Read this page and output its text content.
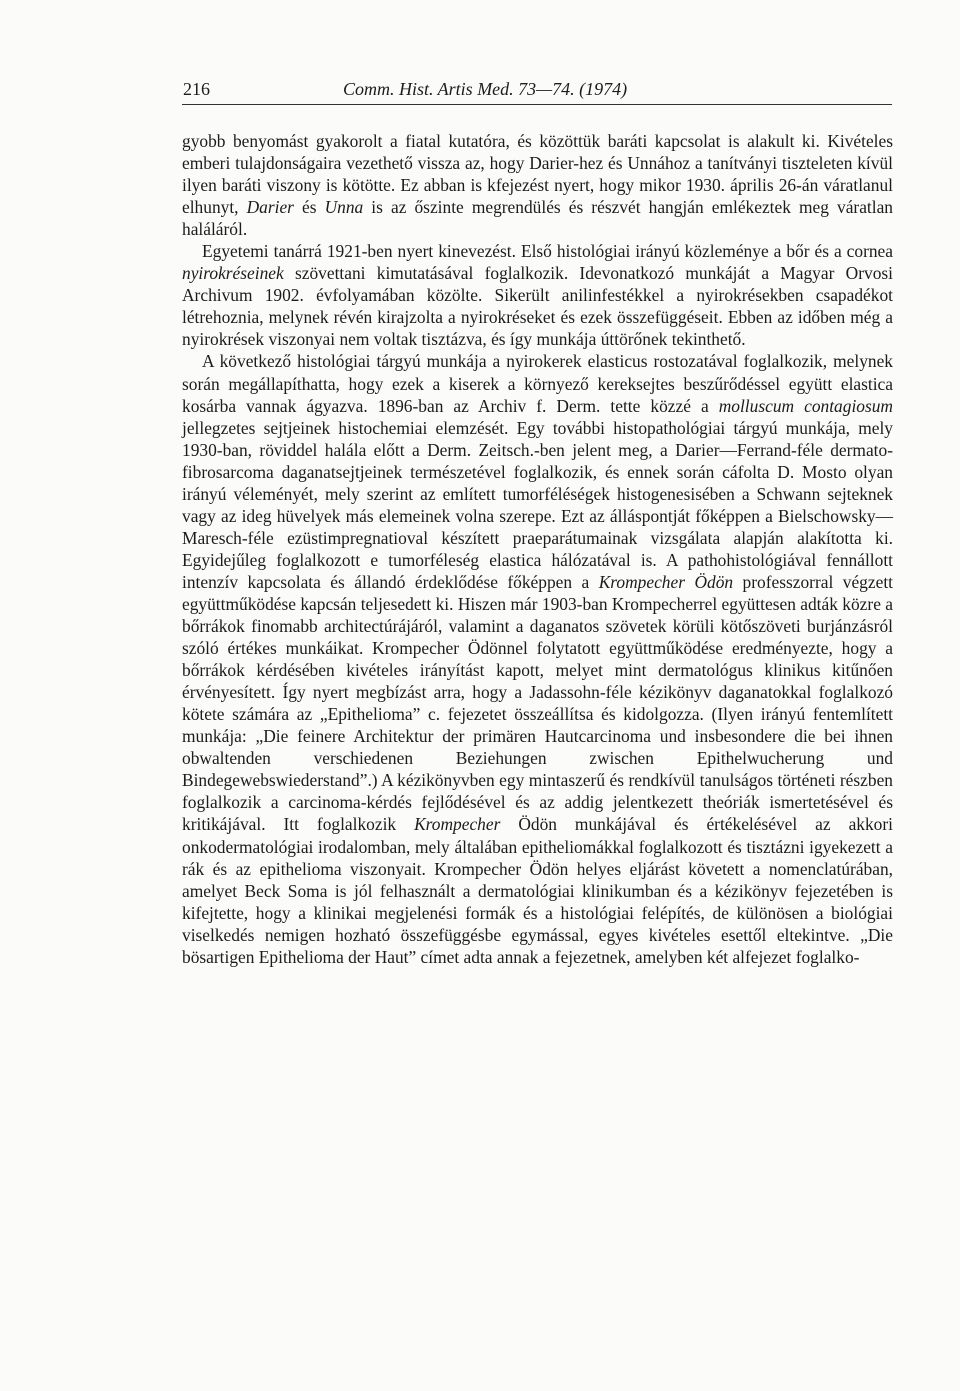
216	Comm. Hist. Artis Med. 73—74. (1974)

gyobb benyomást gyakorolt a fiatal kutatóra, és közöttük baráti kapcsolat is alakult ki. Kivételes emberi tulajdonságaira vezethető vissza az, hogy Darier-hez és Unnához a tanítványi tiszteleten kívül ilyen baráti viszony is kötötte. Ez abban is kfejezést nyert, hogy mikor 1930. április 26-án váratlanul elhunyt, Darier és Unna is az őszinte megrendülés és részvét hangján emlékeztek meg váratlan haláláról.

Egyetemi tanárrá 1921-ben nyert kinevezést. Első histológiai irányú közleménye a bőr és a cornea nyirokréseinek szövettani kimutatásával foglalkozik. Idevonatkozó munkáját a Magyar Orvosi Archivum 1902. évfolyamában közölte. Sikerült anilinfestékkel a nyirokrésekben csapadékot létrehoznia, melynek révén kirajzolta a nyirokréseket és ezek összefüggéseit. Ebben az időben még a nyirokrések viszonyai nem voltak tisztázva, és így munkája úttörőnek tekinthető.

A következő histológiai tárgyú munkája a nyirokerek elasticus rostozatával foglalkozik, melynek során megállapíthatta, hogy ezek a kiserek a környező kereksejtes beszűrődéssel együtt elastica kosárba vannak ágyazva. 1896-ban az Archiv f. Derm. tette közzé a molluscum contagiosum jellegzetes sejtjeinek histochemiai elemzését. Egy további histopathológiai tárgyú munkája, mely 1930-ban, röviddel halála előtt a Derm. Zeitsch.-ben jelent meg, a Darier—Ferrand-féle dermato-fibrosarcoma daganatsejtjeinek természetével foglalkozik, és ennek során cáfolta D. Mosto olyan irányú véleményét, mely szerint az említett tumorféléségek histogenesisében a Schwann sejteknek vagy az ideg hüvelyek más elemeinek volna szerepe. Ezt az álláspontját főképpen a Bielschowsky—Maresch-féle ezüstimpregnatioval készített praeparátumainak vizsgálata alapján alakította ki. Egyidejűleg foglalkozott e tumorféleség elastica hálózatával is. A pathohistológiával fennállott intenzív kapcsolata és állandó érdeklődése főképpen a Krompecher Ödön professzorral végzett együttműködése kapcsán teljesedett ki. Hiszen már 1903-ban Krompecherrel együttesen adták közre a bőrrákok finomabb architectúrájáról, valamint a daganatos szövetek körüli kötőszöveti burjánzásról szóló értékes munkáikat. Krompecher Ödönnel folytatott együttműködése eredményezte, hogy a bőrrákok kérdésében kivételes irányítást kapott, melyet mint dermatológus klinikus kitűnően érvényesített. Így nyert megbízást arra, hogy a Jadassohn-féle kézikönyv daganatokkal foglalkozó kötete számára az „Epithelioma” c. fejezetet összeállítsa és kidolgozza. (Ilyen irányú fentemlített munkája: „Die feinere Architektur der primären Hautcarcinoma und insbesondere die bei ihnen obwaltenden verschiedenen Beziehungen zwischen Epithelwucherung und Bindegewebswiederstand”.) A kézikönyvben egy mintaszerű és rendkívül tanulságos történeti részben foglalkozik a carcinoma-kérdés fejlődésével és az addig jelentkezett theóriák ismertetésével és kritikájával. Itt foglalkozik Krompecher Ödön munkájával és értékelésével az akkori onkodermatológiai irodalomban, mely általában epitheliomákkal foglalkozott és tisztázni igyekezett a rák és az epithelioma viszonyait. Krompecher Ödön helyes eljárást követett a nomenclatúrában, amelyet Beck Soma is jól felhasznált a dermatológiai klinikumban és a kézikönyv fejezetében is kifejtette, hogy a klinikai megjelenési formák és a histológiai felépítés, de különösen a biológiai viselkedés nemigen hozható összefüggésbe egymással, egyes kivételes esettől eltekintve. „Die bösartigen Epithelioma der Haut” címet adta annak a fejezetnek, amelyben két alfejezet foglalko-
